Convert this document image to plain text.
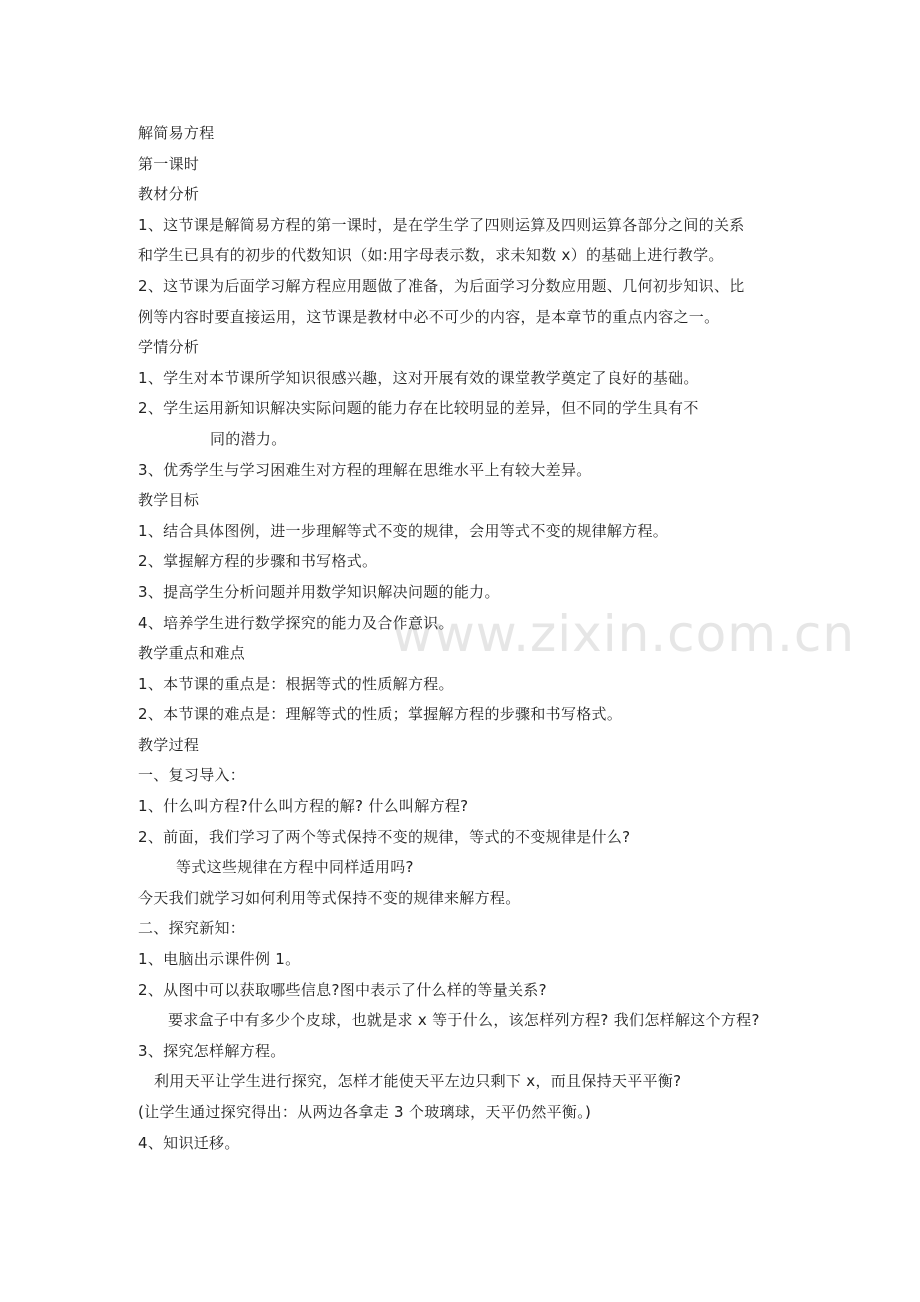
www.zixin.com.cn
解简易方程
第一课时
教材分析
1、这节课是解简易方程的第一课时，是在学生学了四则运算及四则运算各部分之间的关系
和学生已具有的初步的代数知识（如:用字母表示数，求未知数 x）的基础上进行教学。
2、这节课为后面学习解方程应用题做了准备，为后面学习分数应用题、几何初步知识、比
例等内容时要直接运用，这节课是教材中必不可少的内容，是本章节的重点内容之一。
学情分析
1、学生对本节课所学知识很感兴趣，这对开展有效的课堂教学奠定了良好的基础。
2、学生运用新知识解决实际问题的能力存在比较明显的差异，但不同的学生具有不
同的潜力。
3、优秀学生与学习困难生对方程的理解在思维水平上有较大差异。
教学目标
1、结合具体图例，进一步理解等式不变的规律，会用等式不变的规律解方程。
2、掌握解方程的步骤和书写格式。
3、提高学生分析问题并用数学知识解决问题的能力。
4、培养学生进行数学探究的能力及合作意识。
教学重点和难点
1、本节课的重点是：根据等式的性质解方程。
2、本节课的难点是：理解等式的性质；掌握解方程的步骤和书写格式。
教学过程
一、复习导入：
1、什么叫方程?什么叫方程的解? 什么叫解方程?
2、前面，我们学习了两个等式保持不变的规律，等式的不变规律是什么?
等式这些规律在方程中同样适用吗?
今天我们就学习如何利用等式保持不变的规律来解方程。
二、探究新知：
1、电脑出示课件例 1。
2、从图中可以获取哪些信息?图中表示了什么样的等量关系?
要求盒子中有多少个皮球，也就是求 x 等于什么，该怎样列方程? 我们怎样解这个方程?
3、探究怎样解方程。
利用天平让学生进行探究，怎样才能使天平左边只剩下 x，而且保持天平平衡?
(让学生通过探究得出：从两边各拿走 3 个玻璃球，天平仍然平衡。)
4、知识迁移。
